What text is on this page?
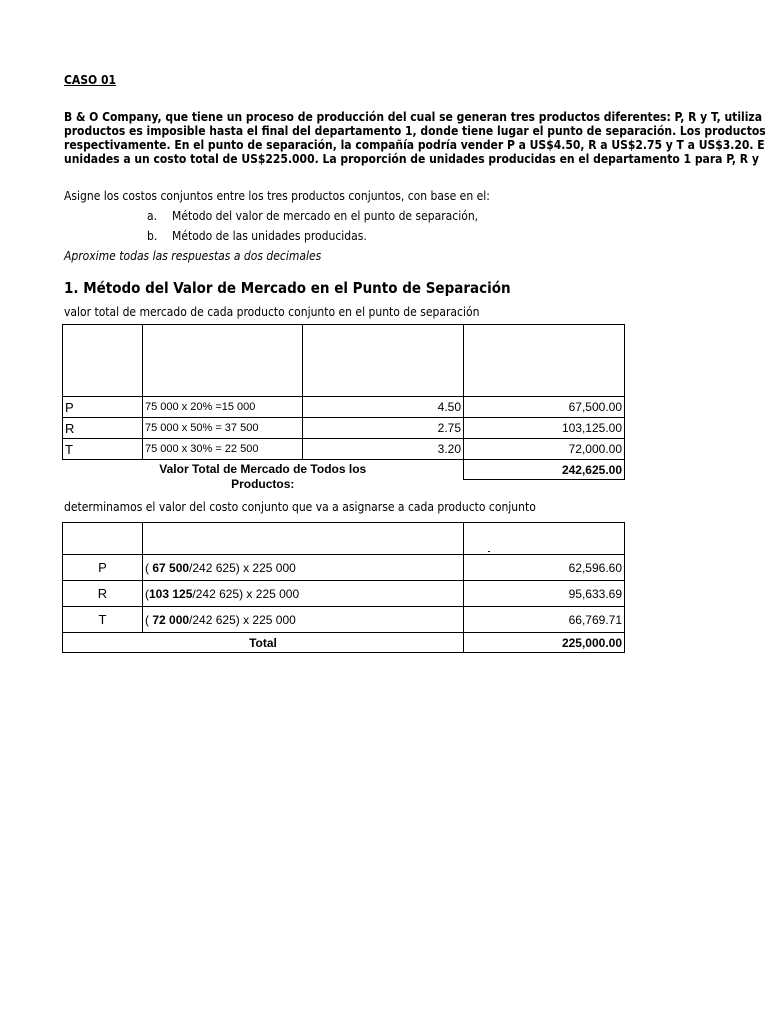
CASO 01
B & O Company, que tiene un proceso de producción del cual se generan tres productos diferentes: P, R y T, utiliza
productos es imposible hasta el final del departamento 1, donde tiene lugar el punto de separación. Los productos
respectivamente. En el punto de separación, la compañía podría vender P a US$4.50, R a US$2.75 y T a US$3.20. E
unidades a un costo total de US$225.000. La proporción de unidades producidas en el departamento 1 para P, R y
Asigne los costos conjuntos entre los tres productos conjuntos, con base en el:
a. Método del valor de mercado en el punto de separación,
b. Método de las unidades producidas.
Aproxime todas las respuestas a dos decimales
1. Método del Valor de Mercado en el Punto de Separación
valor total de mercado de cada producto conjunto en el punto de separación

P	75 000 x 20% =15 000	4.50	67,500.00
R	75 000 x 50% = 37 500	2.75	103,125.00
T	75 000 x 30% = 22 500	3.20	72,000.00

Valor Total de Mercado de Todos los
Productos:			242,625.00
determinamos el valor del costo conjunto que va a asignarse a cada producto conjunto

P	( 67 500/242 625) x 225 000	62,596.60
R	(103 125/242 625) x 225 000	95,633.69
T	( 72 000/242 625) x 225 000	66,769.71
Total		225,000.00
